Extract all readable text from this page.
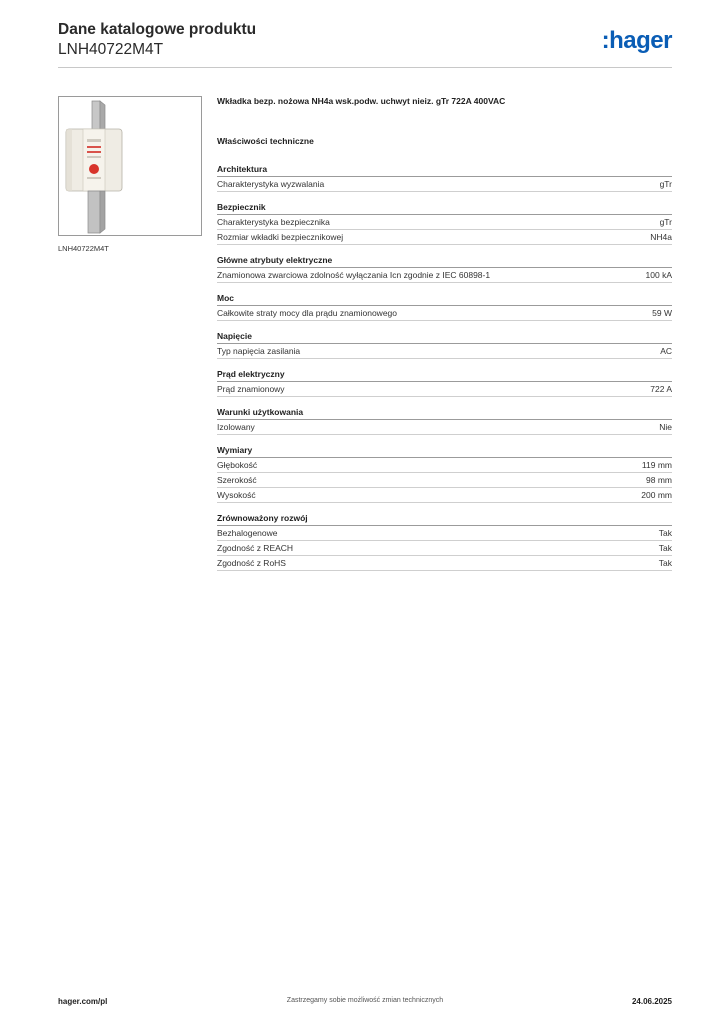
Dane katalogowe produktu

LNH40722M4T	:hager
LNH40722M4T

Wkładka bezp. nożowa NH4a wsk.podw. uchwyt nieiz. gTr 722A 400VAC

Właściwości techniczne

Architektura
Charakterystyka wyzwalania	gTr
Bezpiecznik
Charakterystyka bezpiecznika	gTr
Rozmiar wkładki bezpiecznikowej	NH4a
Główne atrybuty elektryczne
Znamionowa zwarciowa zdolność wyłączania Icn zgodnie z IEC 60898-1	100 kA
Moc
Całkowite straty mocy dla prądu znamionowego	59 W
Napięcie
Typ napięcia zasilania	AC
Prąd elektryczny
Prąd znamionowy	722 A
Warunki użytkowania
Izolowany	Nie
Wymiary
Głębokość	119 mm
Szerokość	98 mm
Wysokość	200 mm
Zrównoważony rozwój
Bezhalogenowe	Tak
Zgodność z REACH	Tak
Zgodność z RoHS	Tak
hager.com/pl	Zastrzegamy sobie możliwość zmian technicznych	24.06.2025
